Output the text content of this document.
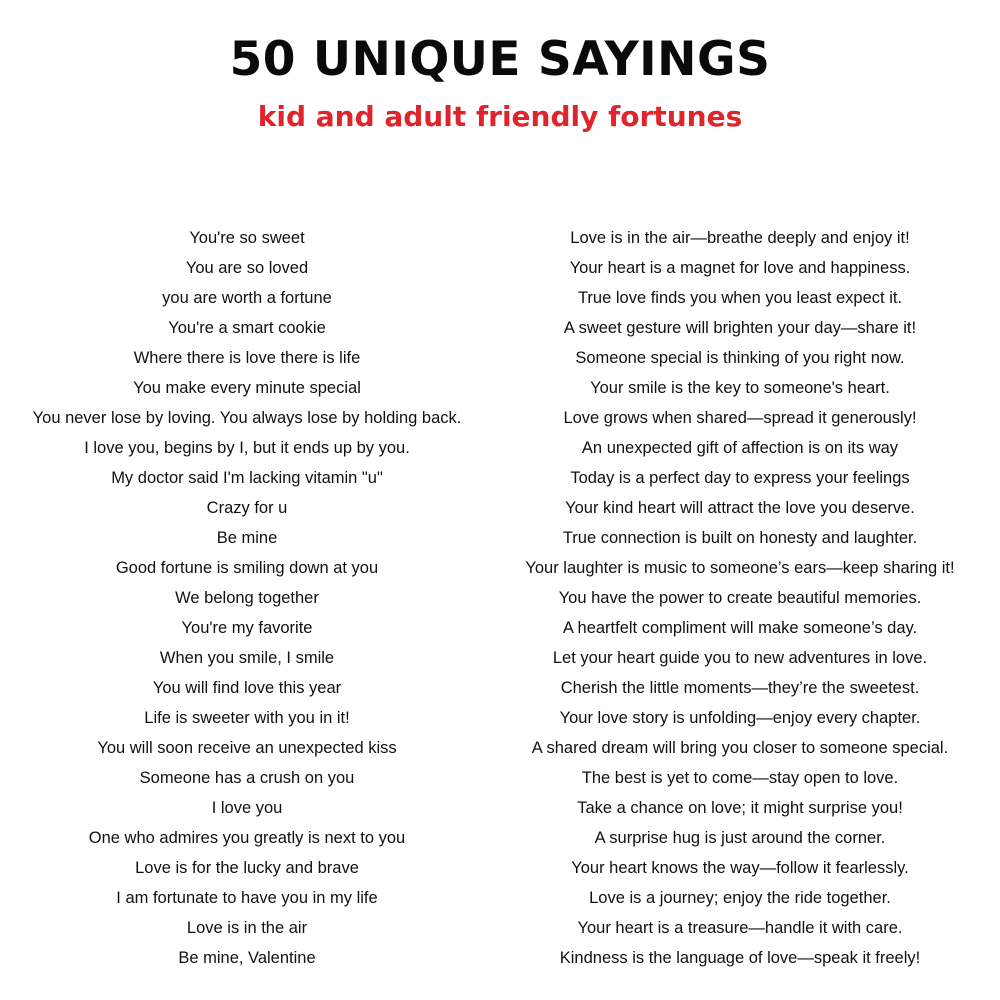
50 UNIQUE SAYINGS
kid and adult friendly fortunes
You're so sweet
You are so loved
you are worth a fortune
You're a smart cookie
Where there is love there is life
You make every minute special
You never lose by loving. You always lose by holding back.
I love you, begins by I, but it ends up by you.
My doctor said I'm lacking vitamin "u"
Crazy for u
Be mine
Good fortune is smiling down at you
We belong together
You're my favorite
When you smile, I smile
You will find love this year
Life is sweeter with you in it!
You will soon receive an unexpected kiss
Someone has a crush on you
I love you
One who admires you greatly is next to you
Love is for the lucky and brave
I am fortunate to have you in my life
Love is in the air
Be mine, Valentine
Love is in the air—breathe deeply and enjoy it!
Your heart is a magnet for love and happiness.
True love finds you when you least expect it.
A sweet gesture will brighten your day—share it!
Someone special is thinking of you right now.
Your smile is the key to someone's heart.
Love grows when shared—spread it generously!
An unexpected gift of affection is on its way
Today is a perfect day to express your feelings
Your kind heart will attract the love you deserve.
True connection is built on honesty and laughter.
Your laughter is music to someone’s ears—keep sharing it!
You have the power to create beautiful memories.
A heartfelt compliment will make someone’s day.
Let your heart guide you to new adventures in love.
Cherish the little moments—they’re the sweetest.
Your love story is unfolding—enjoy every chapter.
A shared dream will bring you closer to someone special.
The best is yet to come—stay open to love.
Take a chance on love; it might surprise you!
A surprise hug is just around the corner.
Your heart knows the way—follow it fearlessly.
Love is a journey; enjoy the ride together.
Your heart is a treasure—handle it with care.
Kindness is the language of love—speak it freely!
